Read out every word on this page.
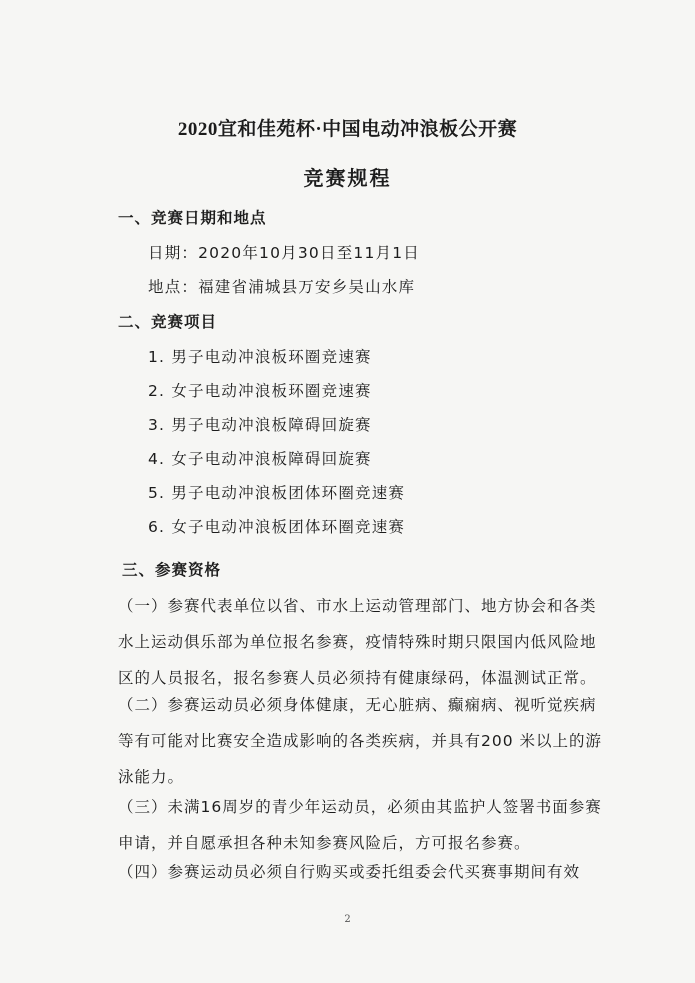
2020宜和佳苑杯·中国电动冲浪板公开赛
竞赛规程
一、竞赛日期和地点
日期：2020年10月30日至11月1日
地点：福建省浦城县万安乡吴山水库
二、竞赛项目
1. 男子电动冲浪板环圈竞速赛
2. 女子电动冲浪板环圈竞速赛
3. 男子电动冲浪板障碍回旋赛
4. 女子电动冲浪板障碍回旋赛
5. 男子电动冲浪板团体环圈竞速赛
6. 女子电动冲浪板团体环圈竞速赛
三、参赛资格
（一）参赛代表单位以省、市水上运动管理部门、地方协会和各类水上运动俱乐部为单位报名参赛，疫情特殊时期只限国内低风险地区的人员报名，报名参赛人员必须持有健康绿码，体温测试正常。
（二）参赛运动员必须身体健康，无心脏病、癫痫病、视听觉疾病等有可能对比赛安全造成影响的各类疾病，并具有200 米以上的游泳能力。
（三）未满16周岁的青少年运动员，必须由其监护人签署书面参赛申请，并自愿承担各种未知参赛风险后，方可报名参赛。
（四）参赛运动员必须自行购买或委托组委会代买赛事期间有效
2
